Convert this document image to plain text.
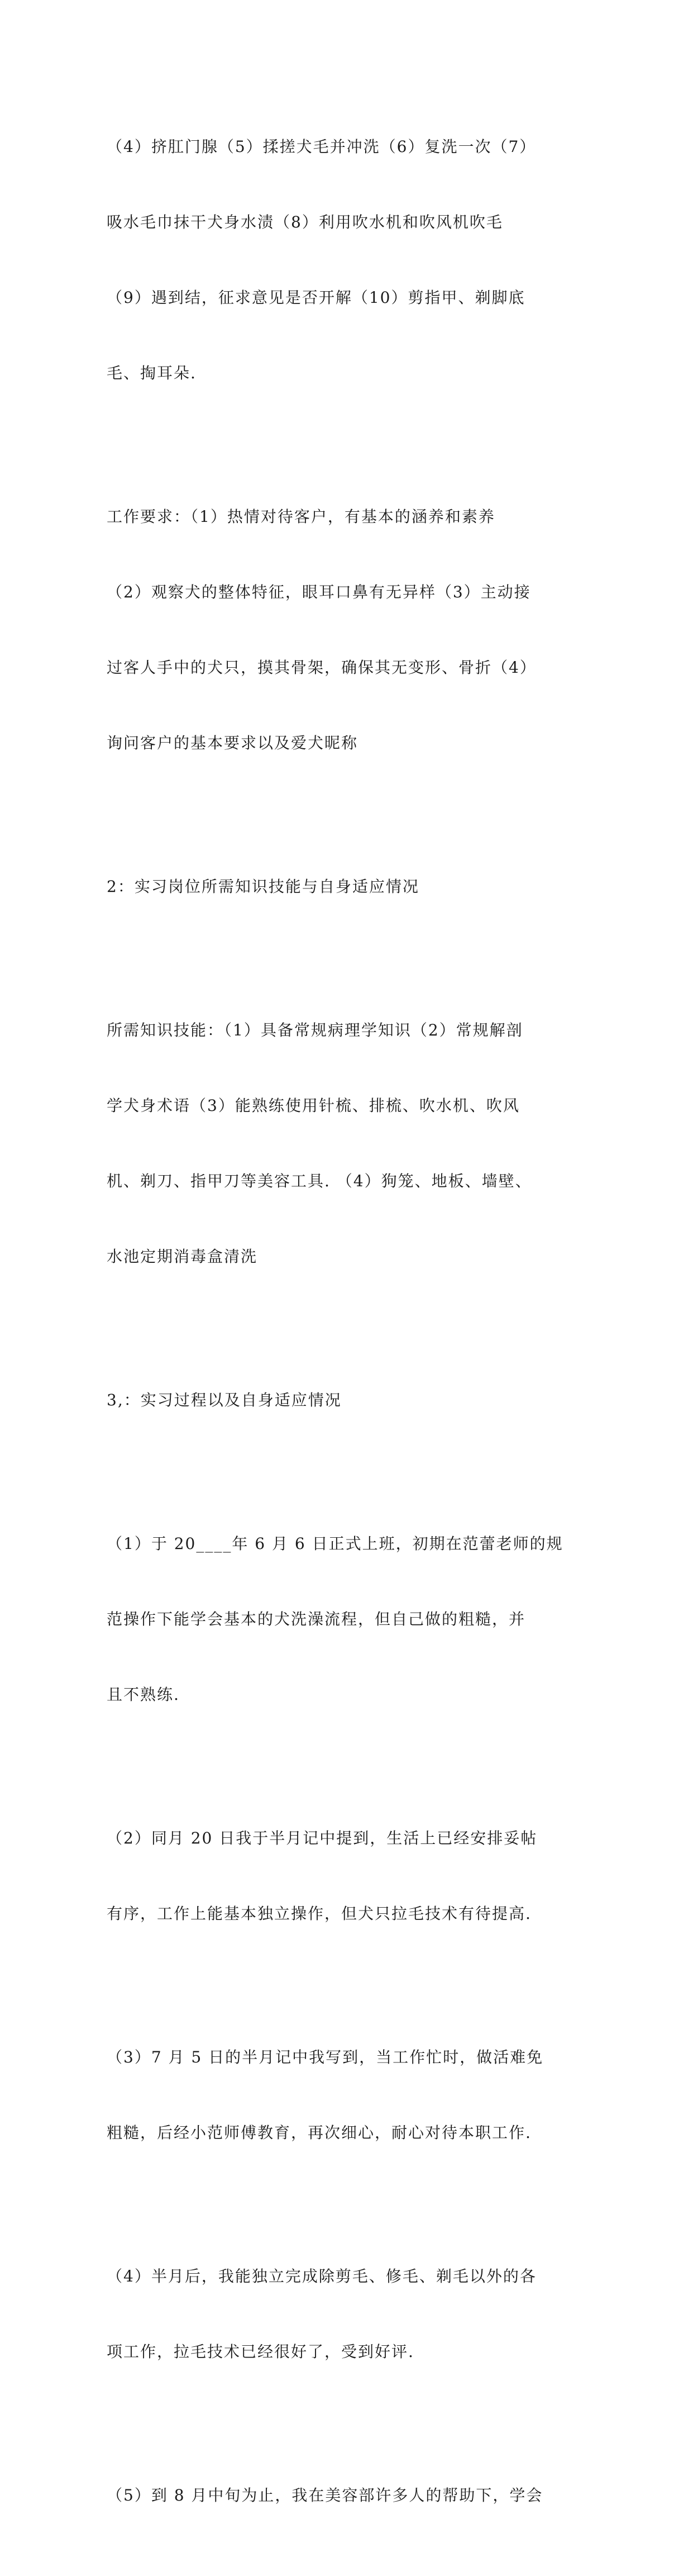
（4）挤肛门腺（5）揉搓犬毛并冲洗（6）复洗一次（7）

吸水毛巾抹干犬身水渍（8）利用吹水机和吹风机吹毛

（9）遇到结，征求意见是否开解（10）剪指甲、剃脚底

毛、掏耳朵.

工作要求：（1）热情对待客户，有基本的涵养和素养

（2）观察犬的整体特征，眼耳口鼻有无异样（3）主动接

过客人手中的犬只，摸其骨架，确保其无变形、骨折（4）

询问客户的基本要求以及爱犬昵称

2：实习岗位所需知识技能与自身适应情况

所需知识技能：（1）具备常规病理学知识（2）常规解剖

学犬身术语（3）能熟练使用针梳、排梳、吹水机、吹风

机、剃刀、指甲刀等美容工具. （4）狗笼、地板、墙壁、

水池定期消毒盒清洗

3,：实习过程以及自身适应情况

（1）于 20____年 6 月 6 日正式上班，初期在范蕾老师的规

范操作下能学会基本的犬洗澡流程，但自己做的粗糙，并

且不熟练.

（2）同月 20 日我于半月记中提到，生活上已经安排妥帖

有序，工作上能基本独立操作，但犬只拉毛技术有待提高.

（3）7 月 5 日的半月记中我写到，当工作忙时，做活难免

粗糙，后经小范师傅教育，再次细心，耐心对待本职工作.

（4）半月后，我能独立完成除剪毛、修毛、剃毛以外的各

项工作，拉毛技术已经很好了，受到好评.

（5）到 8 月中旬为止，我在美容部许多人的帮助下，学会
